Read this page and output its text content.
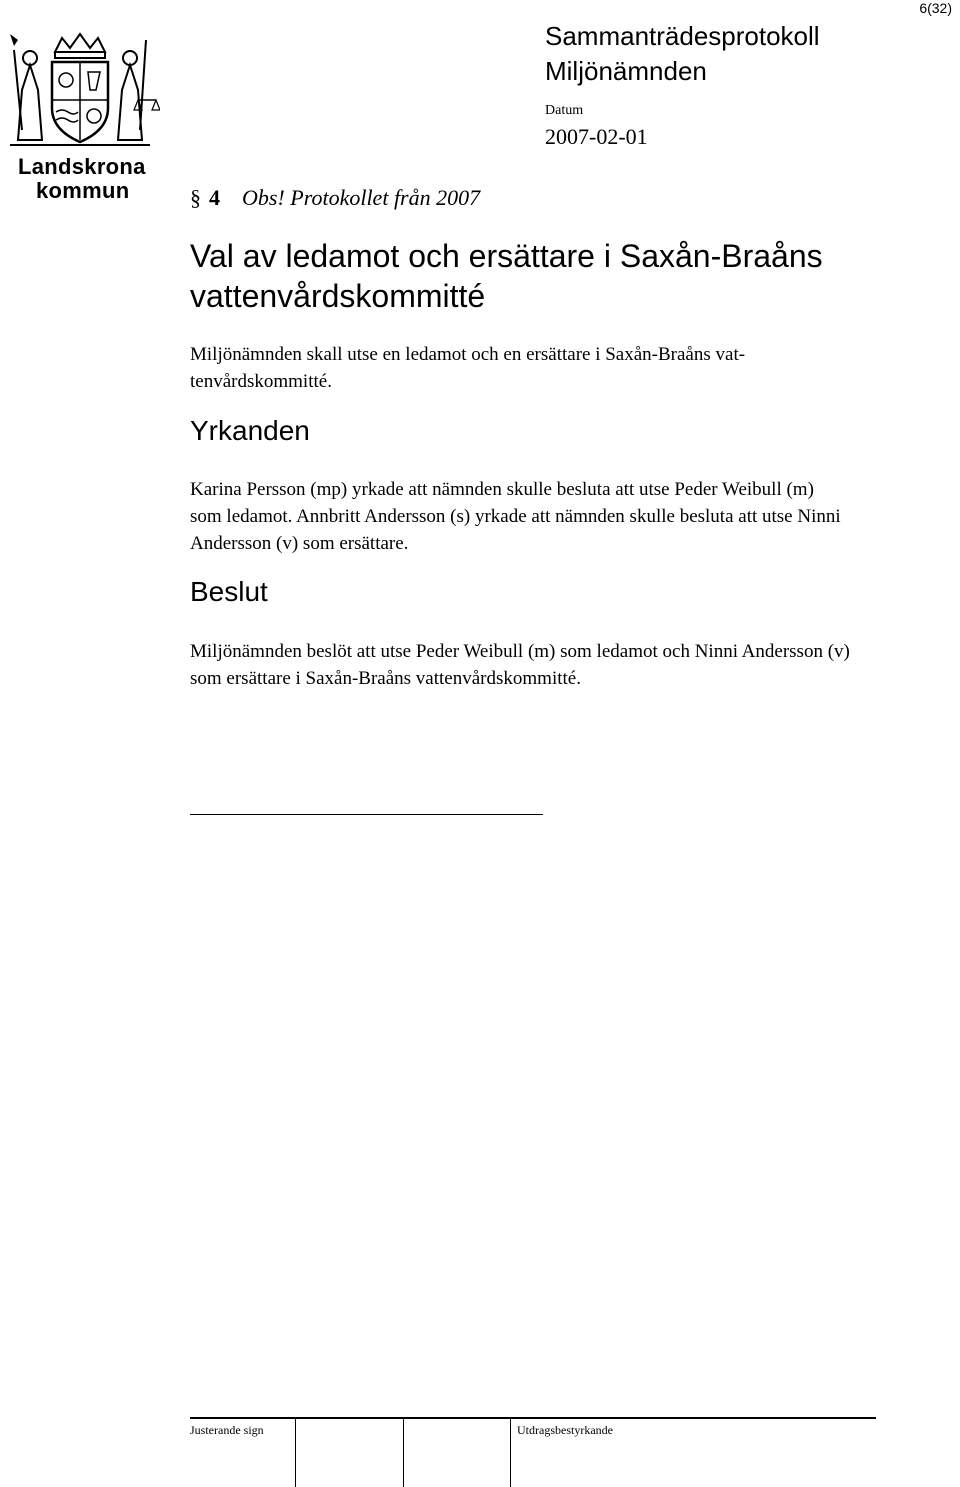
6(32)
Landskrona
kommun
Sammanträdesprotokoll
Miljönämnden
Datum
2007-02-01
§ 4 Obs! Protokollet från 2007
Val av ledamot och ersättare i Saxån-Braåns vattenvårdskommitté
Miljönämnden skall utse en ledamot och en ersättare i Saxån-Braåns vat-tenvårdskommitté.
Yrkanden
Karina Persson (mp) yrkade att nämnden skulle besluta att utse Peder Weibull (m) som ledamot. Annbritt Andersson (s) yrkade att nämnden skulle besluta att utse Ninni Andersson (v) som ersättare.
Beslut
Miljönämnden beslöt att utse Peder Weibull (m) som ledamot och Ninni Andersson (v) som ersättare i Saxån-Braåns vattenvårdskommitté.
Justerande sign	Utdragsbestyrkande
